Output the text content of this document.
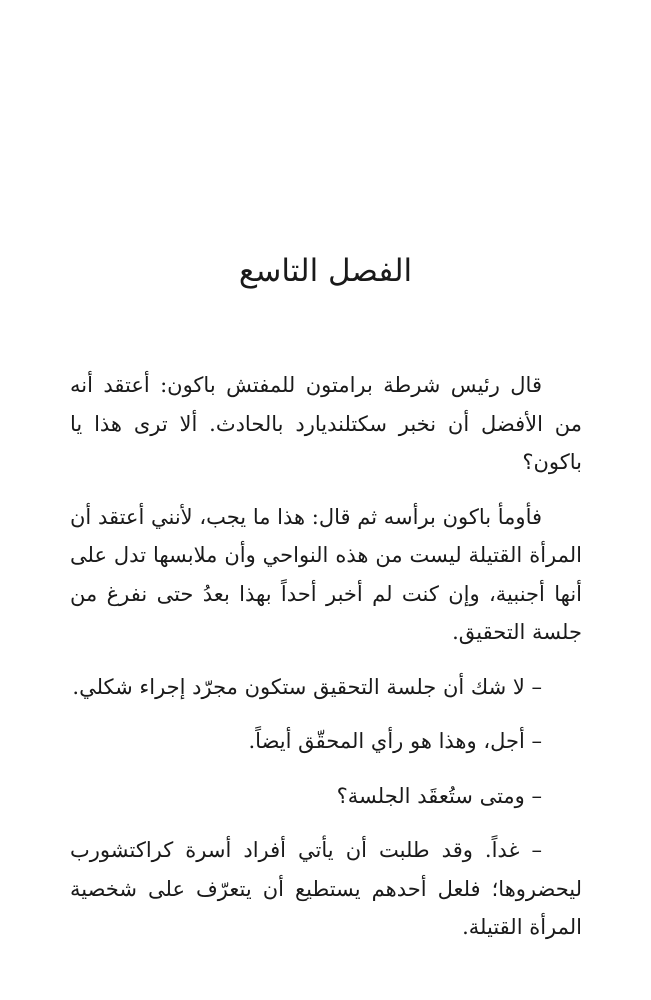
الفصل التاسع

قال رئيس شرطة برامتون للمفتش باكون: أعتقد أنه من الأفضل أن نخبر سكتلنديارد بالحادث. ألا ترى هذا يا باكون؟

فأومأ باكون برأسه ثم قال: هذا ما يجب، لأنني أعتقد أن المرأة القتيلة ليست من هذه النواحي وأن ملابسها تدل على أنها أجنبية، وإن كنت لم أخبر أحداً بهذا بعدُ حتى نفرغ من جلسة التحقيق.

– لا شك أن جلسة التحقيق ستكون مجرّد إجراء شكلي.

– أجل، وهذا هو رأي المحقّق أيضاً.

– ومتى ستُعقَد الجلسة؟

– غداً. وقد طلبت أن يأتي أفراد أسرة كراكتشورب ليحضروها؛ فلعل أحدهم يستطيع أن يتعرّف على شخصية المرأة القتيلة.
